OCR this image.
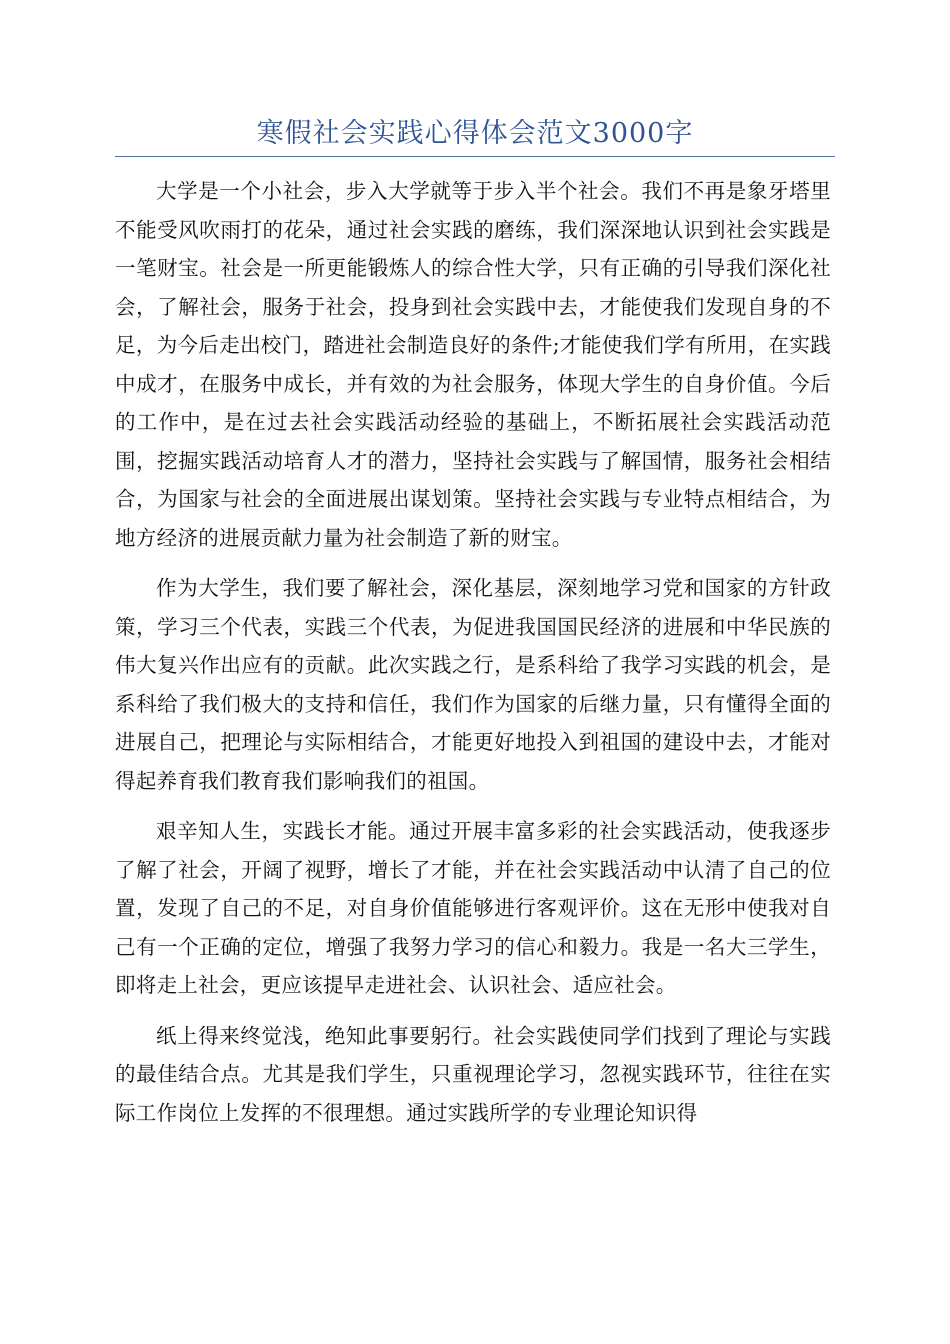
寒假社会实践心得体会范文3000字

大学是一个小社会，步入大学就等于步入半个社会。我们不再是象牙塔里不能受风吹雨打的花朵，通过社会实践的磨练，我们深深地认识到社会实践是一笔财宝。社会是一所更能锻炼人的综合性大学，只有正确的引导我们深化社会，了解社会，服务于社会，投身到社会实践中去，才能使我们发现自身的不足，为今后走出校门，踏进社会制造良好的条件;才能使我们学有所用，在实践中成才，在服务中成长，并有效的为社会服务，体现大学生的自身价值。今后的工作中，是在过去社会实践活动经验的基础上，不断拓展社会实践活动范围，挖掘实践活动培育人才的潜力，坚持社会实践与了解国情，服务社会相结合，为国家与社会的全面进展出谋划策。坚持社会实践与专业特点相结合，为地方经济的进展贡献力量为社会制造了新的财宝。

作为大学生，我们要了解社会，深化基层，深刻地学习党和国家的方针政策，学习三个代表，实践三个代表，为促进我国国民经济的进展和中华民族的伟大复兴作出应有的贡献。此次实践之行，是系科给了我学习实践的机会，是系科给了我们极大的支持和信任，我们作为国家的后继力量，只有懂得全面的进展自己，把理论与实际相结合，才能更好地投入到祖国的建设中去，才能对得起养育我们教育我们影响我们的祖国。

艰辛知人生，实践长才能。通过开展丰富多彩的社会实践活动，使我逐步了解了社会，开阔了视野，增长了才能，并在社会实践活动中认清了自己的位置，发现了自己的不足，对自身价值能够进行客观评价。这在无形中使我对自己有一个正确的定位，增强了我努力学习的信心和毅力。我是一名大三学生，即将走上社会，更应该提早走进社会、认识社会、适应社会。

纸上得来终觉浅，绝知此事要躬行。社会实践使同学们找到了理论与实践的最佳结合点。尤其是我们学生，只重视理论学习，忽视实践环节，往往在实际工作岗位上发挥的不很理想。通过实践所学的专业理论知识得
